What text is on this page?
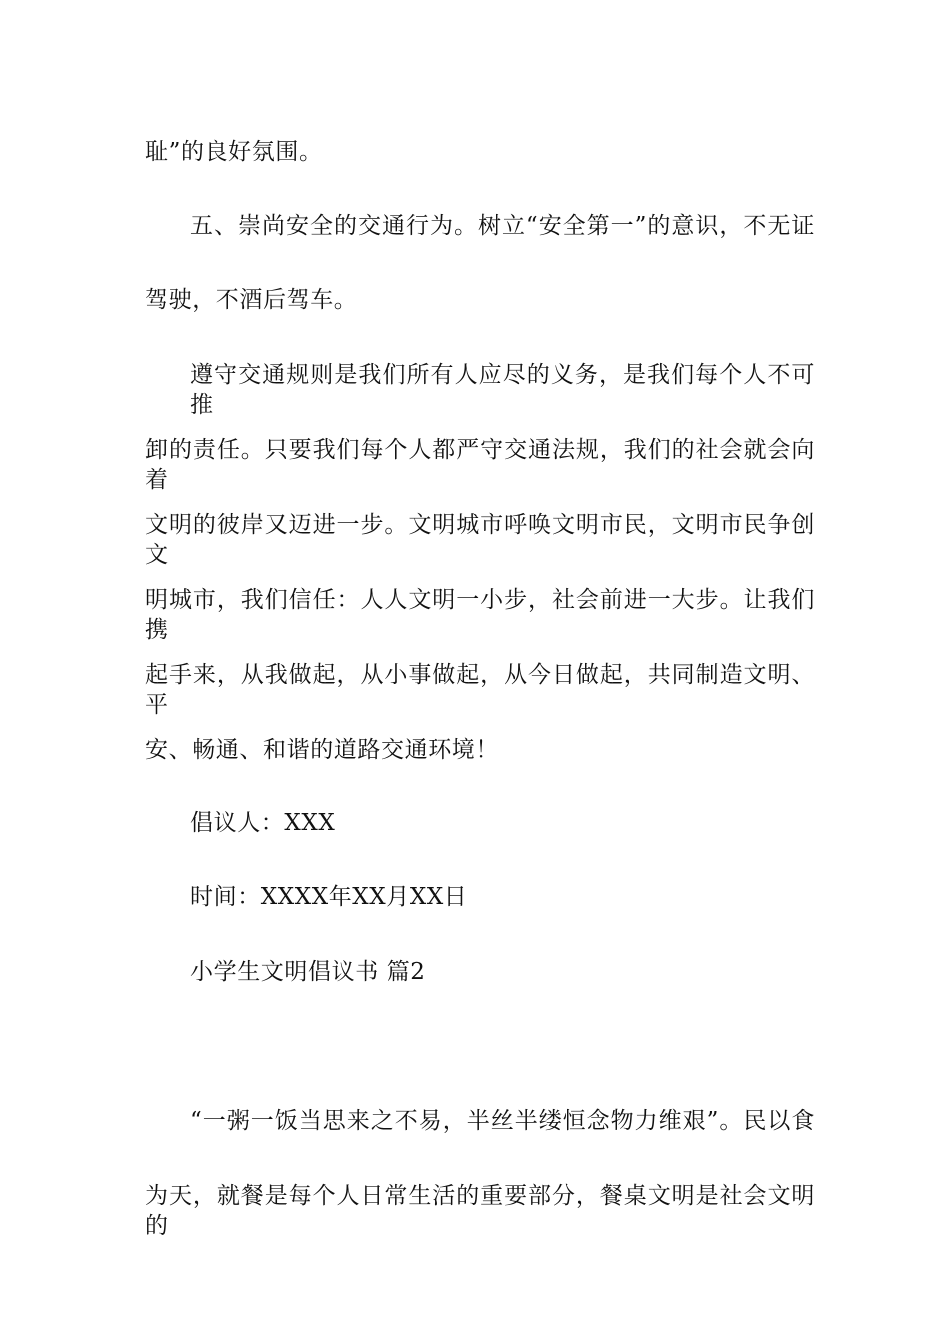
耻”的良好氛围。
五、崇尚安全的交通行为。树立“安全第一”的意识，不无证
驾驶，不酒后驾车。
遵守交通规则是我们所有人应尽的义务，是我们每个人不可推
卸的责任。只要我们每个人都严守交通法规，我们的社会就会向着
文明的彼岸又迈进一步。文明城市呼唤文明市民，文明市民争创文
明城市，我们信任：人人文明一小步，社会前进一大步。让我们携
起手来，从我做起，从小事做起，从今日做起，共同制造文明、平
安、畅通、和谐的道路交通环境！
倡议人：XXX
时间：XXXX年XX月XX日
小学生文明倡议书 篇2
“一粥一饭当思来之不易，半丝半缕恒念物力维艰”。民以食
为天，就餐是每个人日常生活的重要部分，餐桌文明是社会文明的
